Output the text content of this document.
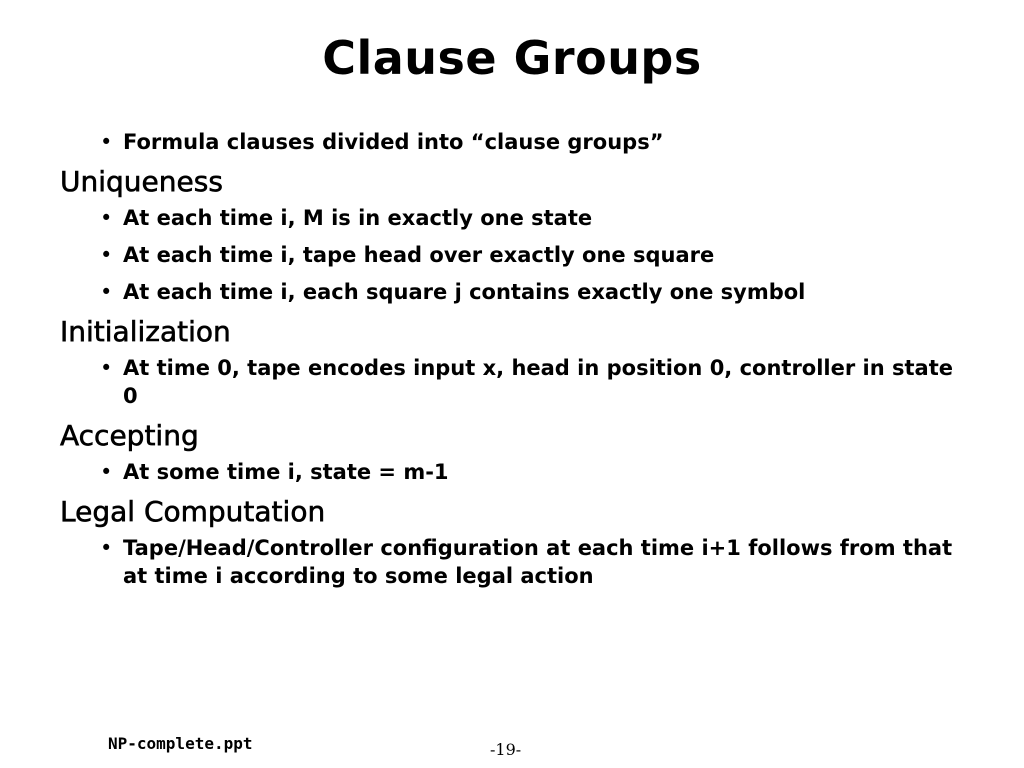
Clause Groups
• Formula clauses divided into “clause groups”
Uniqueness
• At each time i, M is in exactly one state
• At each time i, tape head over exactly one square
• At each time i, each square j contains exactly one symbol
Initialization
• At time 0, tape encodes input x, head in position 0, controller in state 0
Accepting
• At some time i, state = m-1
Legal Computation
• Tape/Head/Controller configuration at each time i+1 follows from that at time i according to some legal action
NP-complete.ppt	-19-
